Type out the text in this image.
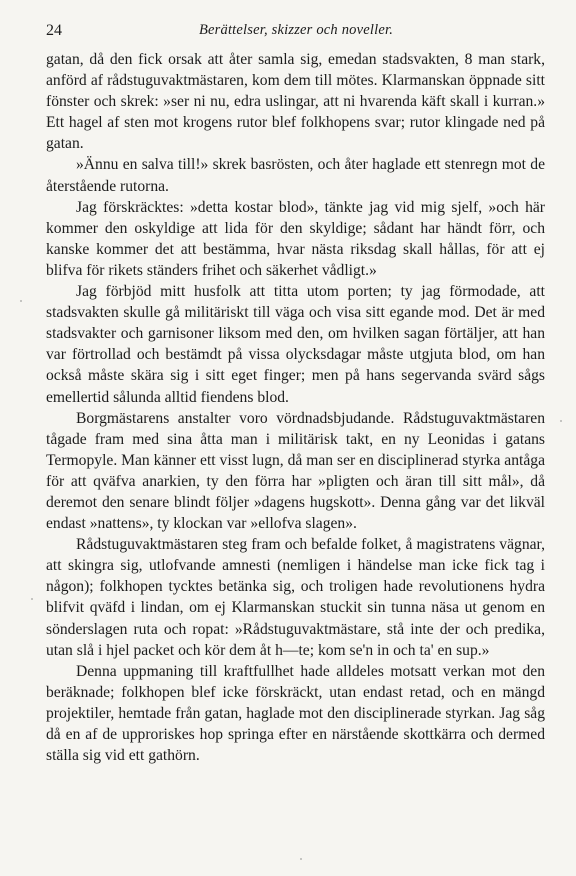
24	Berättelser, skizzer och noveller.

gatan, då den fick orsak att åter samla sig, emedan stadsvakten, 8 man stark, anförd af rådstuguvaktmästaren, kom dem till mötes. Klarmanskan öppnade sitt fönster och skrek: »ser ni nu, edra uslingar, att ni hvarenda käft skall i kurran.» Ett hagel af sten mot krogens rutor blef folkhopens svar; rutor klingade ned på gatan.

»Ännu en salva till!» skrek basrösten, och åter haglade ett stenregn mot de återstående rutorna.

Jag förskräcktes: »detta kostar blod», tänkte jag vid mig sjelf, »och här kommer den oskyldige att lida för den skyldige; sådant har händt förr, och kanske kommer det att bestämma, hvar nästa riksdag skall hållas, för att ej blifva för rikets ständers frihet och säkerhet vådligt.»

Jag förbjöd mitt husfolk att titta utom porten; ty jag förmodade, att stadsvakten skulle gå militäriskt till väga och visa sitt egande mod. Det är med stadsvakter och garnisoner liksom med den, om hvilken sagan förtäljer, att han var förtrollad och bestämdt på vissa olycksdagar måste utgjuta blod, om han också måste skära sig i sitt eget finger; men på hans segervanda svärd sågs emellertid sålunda alltid fiendens blod.

Borgmästarens anstalter voro vördnadsbjudande. Rådstuguvaktmästaren tågade fram med sina åtta man i militärisk takt, en ny Leonidas i gatans Termopyle. Man känner ett visst lugn, då man ser en disciplinerad styrka antåga för att qväfva anarkien, ty den förra har »pligten och äran till sitt mål», då deremot den senare blindt följer »dagens hugskott». Denna gång var det likväl endast »nattens», ty klockan var »ellofva slagen».

Rådstuguvaktmästaren steg fram och befalde folket, å magistratens vägnar, att skingra sig, utlofvande amnesti (nemligen i händelse man icke fick tag i någon); folkhopen tycktes betänka sig, och troligen hade revolutionens hydra blifvit qväfd i lindan, om ej Klarmanskan stuckit sin tunna näsa ut genom en sönderslagen ruta och ropat: »Rådstuguvaktmästare, stå inte der och predika, utan slå i hjel packet och kör dem åt h—te; kom se'n in och ta' en sup.»

Denna uppmaning till kraftfullhet hade alldeles motsatt verkan mot den beräknade; folkhopen blef icke förskräckt, utan endast retad, och en mängd projektiler, hemtade från gatan, haglade mot den disciplinerade styrkan. Jag såg då en af de upproriskes hop springa efter en närstående skottkärra och dermed ställa sig vid ett gathörn.
